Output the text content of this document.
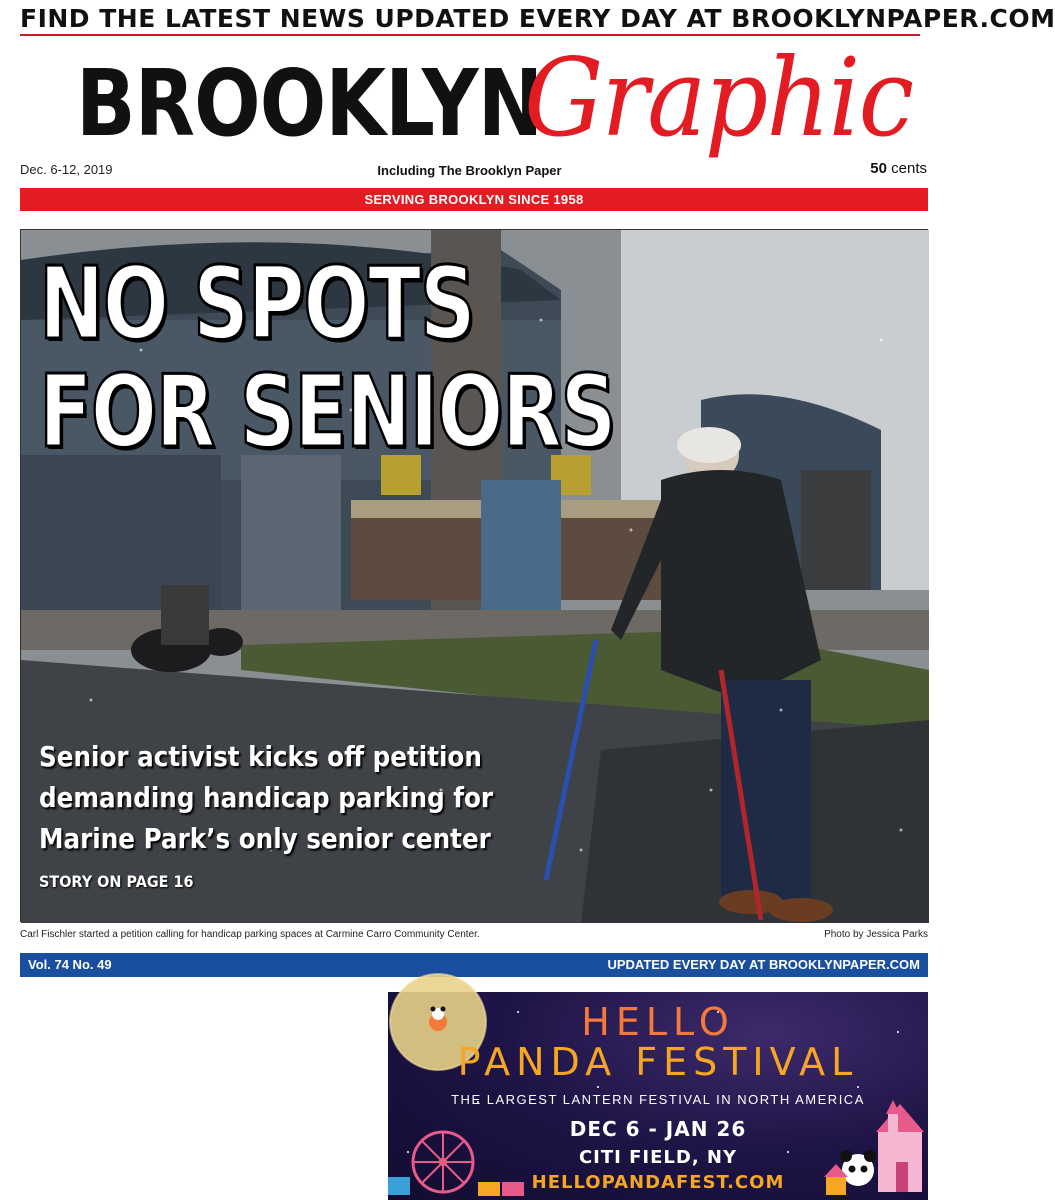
FIND THE LATEST NEWS UPDATED EVERY DAY AT BROOKLYNPAPER.COM
BROOKLYN
Graphic
Dec. 6-12, 2019	Including The Brooklyn Paper	50 cents
SERVING BROOKLYN SINCE 1958
NO SPOTS
FOR SENIORS
Senior activist kicks off petition
demanding handicap parking for
Marine Park’s only senior center
STORY ON PAGE 16
Carl Fischler started a petition calling for handicap parking spaces at Carmine Carro Community Center.	Photo by Jessica Parks
Vol. 74 No. 49	UPDATED EVERY DAY AT BROOKLYNPAPER.COM
HELLO
PANDA FESTIVAL
THE LARGEST LANTERN FESTIVAL IN NORTH AMERICA
DEC 6 - JAN 26
CITI FIELD, NY
HELLOPANDAFEST.COM
